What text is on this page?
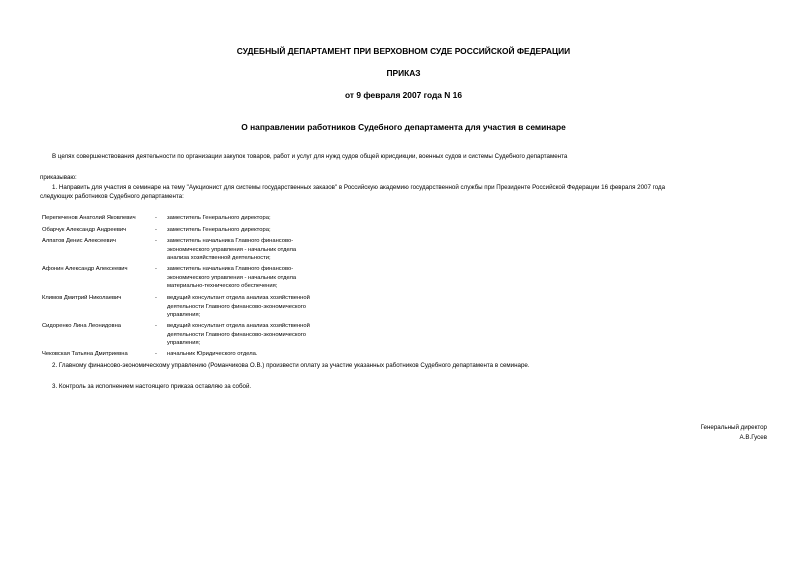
СУДЕБНЫЙ ДЕПАРТАМЕНТ ПРИ ВЕРХОВНОМ СУДЕ РОССИЙСКОЙ ФЕДЕРАЦИИ
ПРИКАЗ
от 9 февраля 2007 года N 16
О направлении работников Судебного департамента для участия в семинаре
В целях совершенствования деятельности по организации закупок товаров, работ и услуг для нужд судов общей юрисдикции, военных судов и системы Судебного департамента
приказываю:
1. Направить для участия в семинаре на тему "Аукционист для системы государственных заказов" в Российскую академию государственной службы при Президенте Российской Федерации 16 февраля 2007 года
следующих работников Судебного департамента:
Перепеченов Анатолий Яковлевич	- заместитель Генерального директора;
Обарчук Александр Андреевич	- заместитель Генерального директора;
Алпатов Денис Алексеевич	- заместитель начальника Главного финансово-
экономического управления - начальник отдела
анализа хозяйственной деятельности;
Афонин Александр Алексеевич	- заместитель начальника Главного финансово-
экономического управления - начальник отдела
материально-технического обеспечения;
Климов Дмитрий Николаевич	- ведущий консультант отдела анализа хозяйственной
деятельности Главного финансово-экономического
управления;
Сидоренко Лина Леонидовна	- ведущий консультант отдела анализа хозяйственной
деятельности Главного финансово-экономического
управления;
Чековская Татьяна Дмитриевна	- начальник Юридического отдела.
2. Главному финансово-экономическому управлению (Романчикова О.В.) произвести оплату за участие указанных работников Судебного департамента в семинаре.
3. Контроль за исполнением настоящего приказа оставляю за собой.
Генеральный директор
А.В.Гусев
